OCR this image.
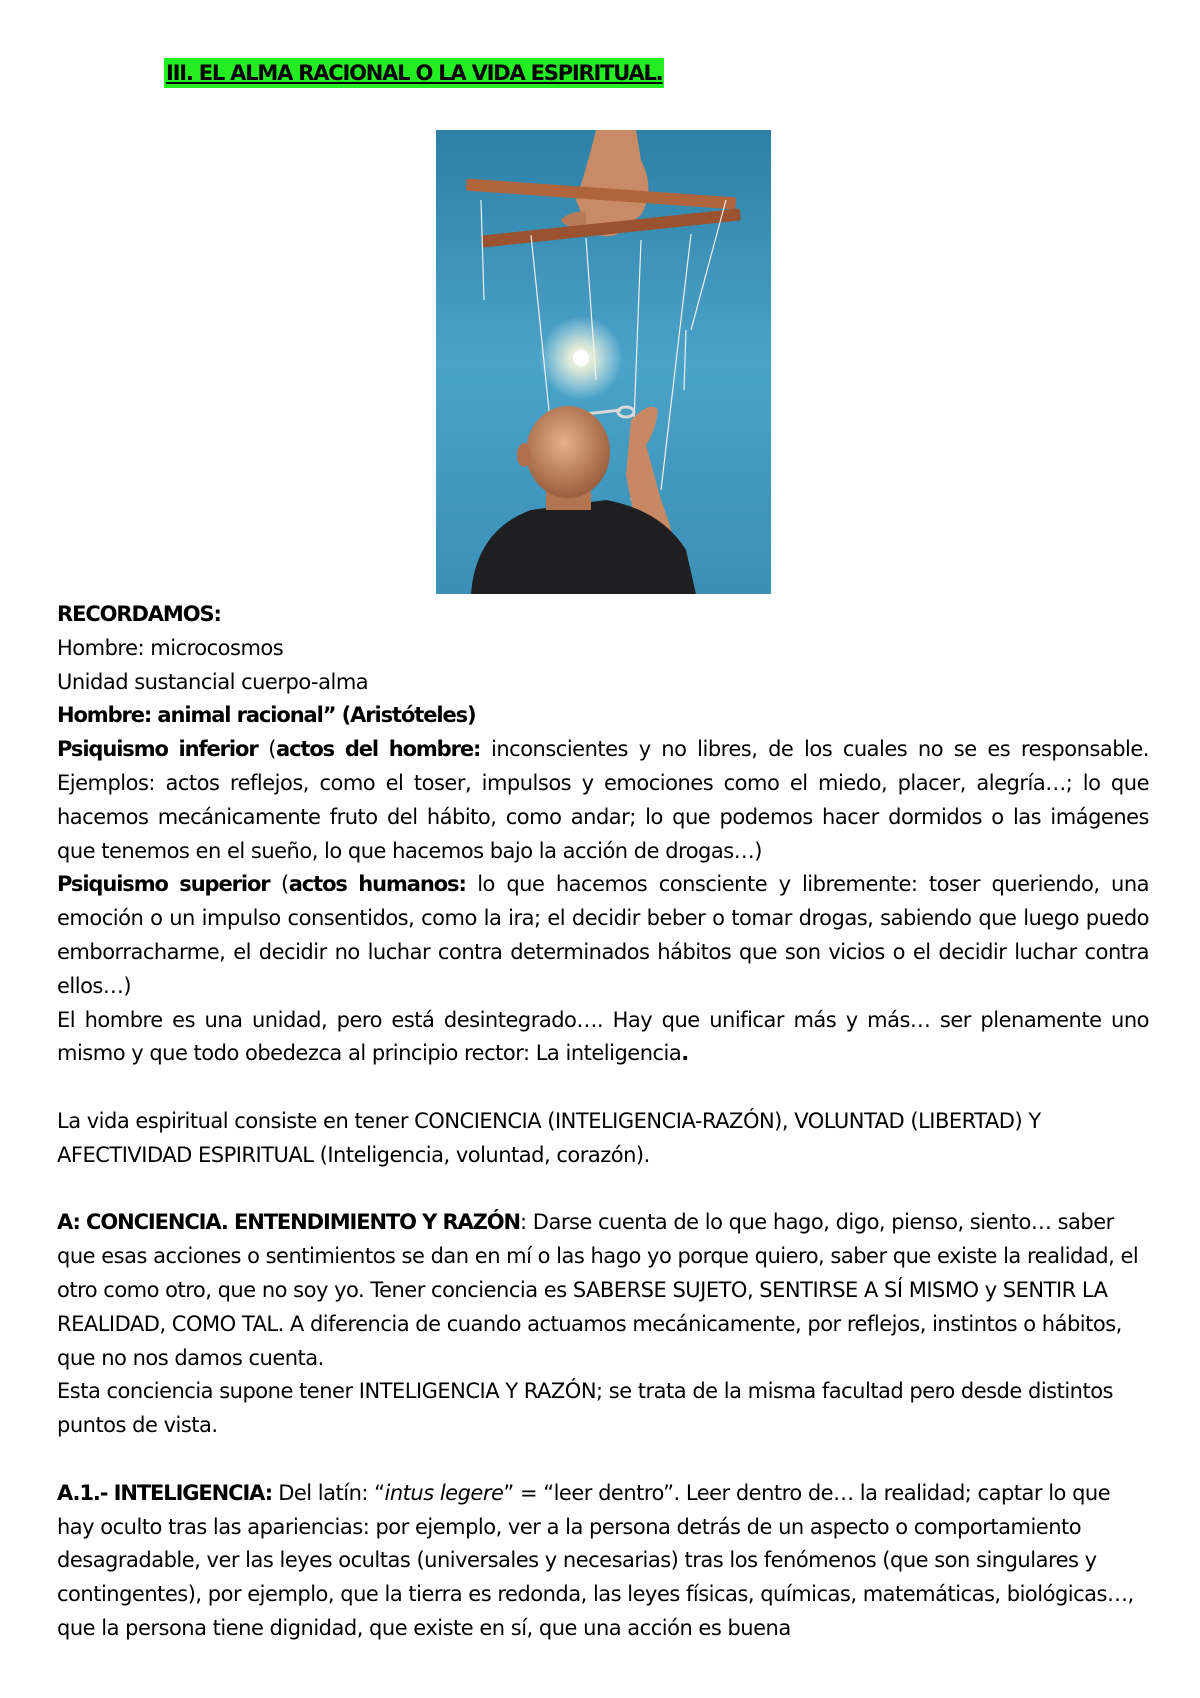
III. EL ALMA RACIONAL O LA VIDA ESPIRITUAL.

RECORDAMOS:

Hombre: microcosmos

Unidad sustancial cuerpo-alma

Hombre: animal racional” (Aristóteles)

Psiquismo inferior (actos del hombre: inconscientes y no libres, de los cuales no se es responsable. Ejemplos: actos reflejos, como el toser, impulsos y emociones como el miedo, placer, alegría…; lo que hacemos mecánicamente fruto del hábito, como andar; lo que podemos hacer dormidos o las imágenes que tenemos en el sueño, lo que hacemos bajo la acción de drogas…)

Psiquismo superior (actos humanos: lo que hacemos consciente y libremente: toser queriendo, una emoción o un impulso consentidos, como la ira; el decidir beber o tomar drogas, sabiendo que luego puedo emborracharme, el decidir no luchar contra determinados hábitos que son vicios o el decidir luchar contra ellos…)

El hombre es una unidad, pero está desintegrado…. Hay que unificar más y más… ser plenamente uno mismo y que todo obedezca al principio rector: La inteligencia.

La vida espiritual consiste en tener CONCIENCIA (INTELIGENCIA-RAZÓN), VOLUNTAD (LIBERTAD) Y AFECTIVIDAD ESPIRITUAL (Inteligencia, voluntad, corazón).

A: CONCIENCIA. ENTENDIMIENTO Y RAZÓN: Darse cuenta de lo que hago, digo, pienso, siento… saber que esas acciones o sentimientos se dan en mí o las hago yo porque quiero, saber que existe la realidad, el otro como otro, que no soy yo. Tener conciencia es SABERSE SUJETO, SENTIRSE A SÍ MISMO y SENTIR LA REALIDAD, COMO TAL. A diferencia de cuando actuamos mecánicamente, por reflejos, instintos o hábitos, que no nos damos cuenta.

Esta conciencia supone tener INTELIGENCIA Y RAZÓN; se trata de la misma facultad pero desde distintos puntos de vista.

A.1.- INTELIGENCIA: Del latín: “intus legere” = “leer dentro”. Leer dentro de… la realidad; captar lo que hay oculto tras las apariencias: por ejemplo, ver a la persona detrás de un aspecto o comportamiento desagradable, ver las leyes ocultas (universales y necesarias) tras los fenómenos (que son singulares y contingentes), por ejemplo, que la tierra es redonda, las leyes físicas, químicas, matemáticas, biológicas…, que la persona tiene dignidad, que existe en sí, que una acción es buena
